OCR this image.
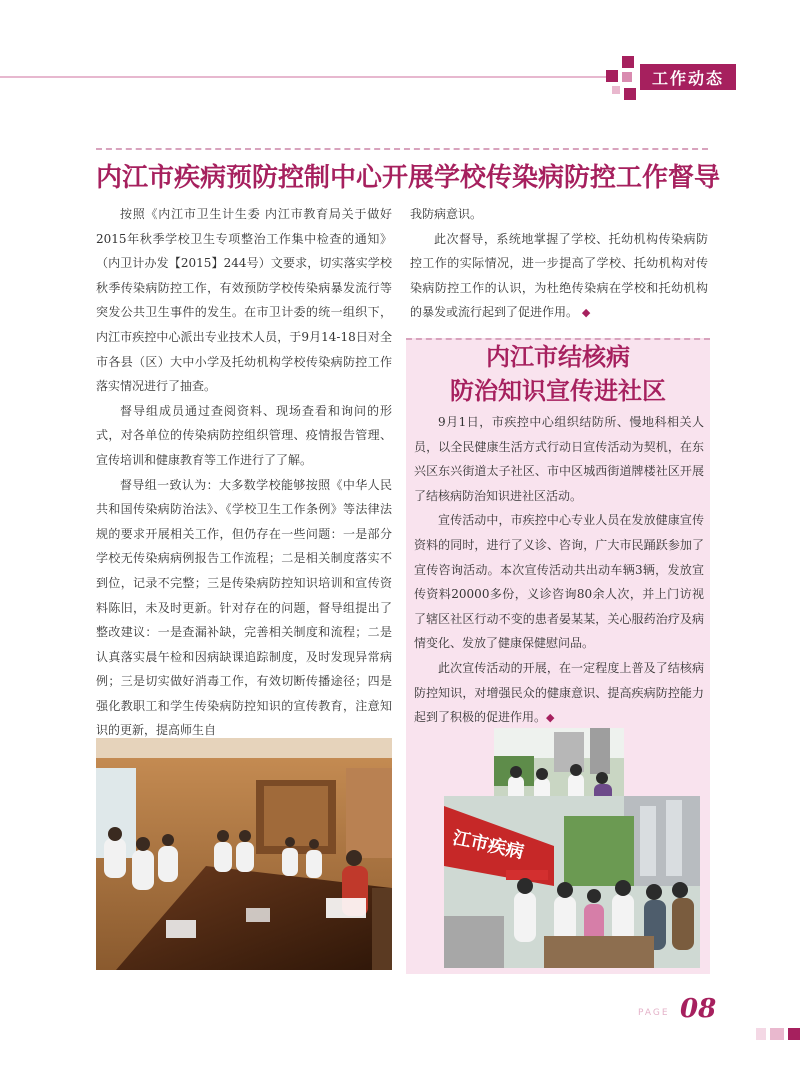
工作动态
内江市疾病预防控制中心开展学校传染病防控工作督导

按照《内江市卫生计生委 内江市教育局关于做好2015年秋季学校卫生专项整治工作集中检查的通知》（内卫计办发【2015】244号）文要求，切实落实学校秋季传染病防控工作，有效预防学校传染病暴发流行等突发公共卫生事件的发生。在市卫计委的统一组织下，内江市疾控中心派出专业技术人员，于9月14-18日对全市各县（区）大中小学及托幼机构学校传染病防控工作落实情况进行了抽查。

督导组成员通过查阅资料、现场查看和询问的形式，对各单位的传染病防控组织管理、疫情报告管理、宣传培训和健康教育等工作进行了了解。

督导组一致认为：大多数学校能够按照《中华人民共和国传染病防治法》、《学校卫生工作条例》等法律法规的要求开展相关工作，但仍存在一些问题：一是部分学校无传染病病例报告工作流程；二是相关制度落实不到位，记录不完整；三是传染病防控知识培训和宣传资料陈旧，未及时更新。针对存在的问题，督导组提出了整改建议：一是查漏补缺，完善相关制度和流程；二是认真落实晨午检和因病缺课追踪制度，及时发现异常病例；三是切实做好消毒工作，有效切断传播途径；四是强化教职工和学生传染病防控知识的宣传教育，注意知识的更新，提高师生自

我防病意识。

此次督导，系统地掌握了学校、托幼机构传染病防控工作的实际情况，进一步提高了学校、托幼机构对传染病防控工作的认识，为杜绝传染病在学校和托幼机构的暴发或流行起到了促进作用。 ◆

内江市结核病
防治知识宣传进社区

9月1日，市疾控中心组织结防所、慢地科相关人员，以全民健康生活方式行动日宣传活动为契机，在东兴区东兴街道太子社区、市中区城西街道牌楼社区开展了结核病防治知识进社区活动。

宣传活动中，市疾控中心专业人员在发放健康宣传资料的同时，进行了义诊、咨询，广大市民踊跃参加了宣传咨询活动。本次宣传活动共出动车辆3辆，发放宣传资料20000多份，义诊咨询80余人次，并上门访视了辖区社区行动不变的患者晏某某，关心服药治疗及病情变化、发放了健康保健慰问品。

此次宣传活动的开展，在一定程度上普及了结核病防控知识，对增强民众的健康意识、提高疾病防控能力起到了积极的促进作用。◆

江市疾病
PAGE 08
